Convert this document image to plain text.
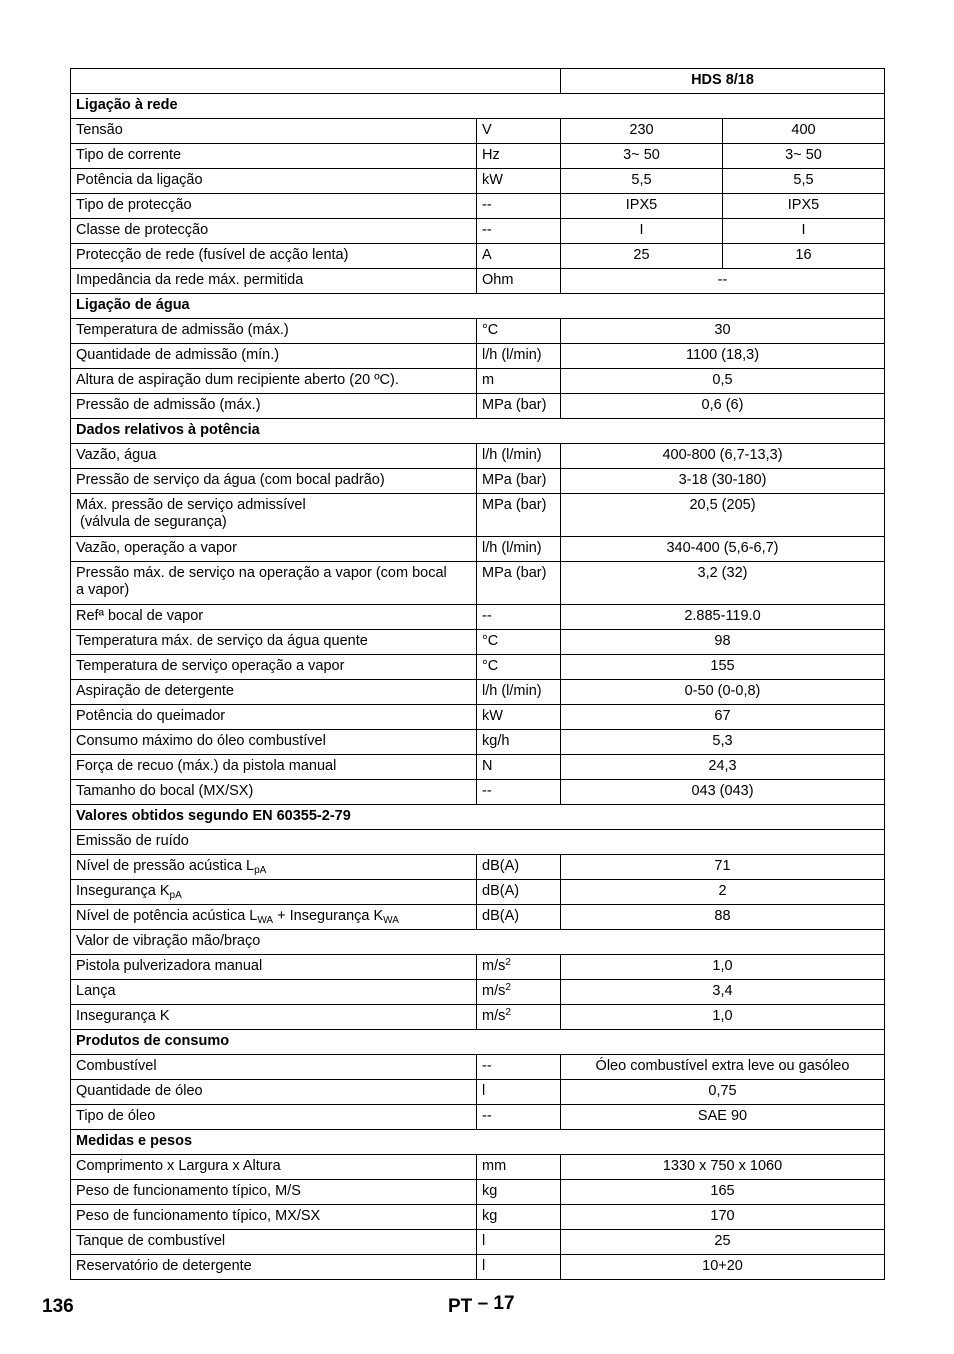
		HDS 8/18	
Ligação à rede			
Tensão	V	230	400
Tipo de corrente	Hz	3~ 50	3~ 50
Potência da ligação	kW	5,5	5,5
Tipo de protecção	--	IPX5	IPX5
Classe de protecção	--	I	I
Protecção de rede (fusível de acção lenta)	A	25	16
Impedância da rede máx. permitida	Ohm	--	
Ligação de água			
Temperatura de admissão (máx.)	°C	30	
Quantidade de admissão (mín.)	l/h (l/min)	1100 (18,3)	
Altura de aspiração dum recipiente aberto (20 ºC).	m	0,5	
Pressão de admissão (máx.)	MPa (bar)	0,6 (6)	
Dados relativos à potência			
Vazão, água	l/h (l/min)	400-800 (6,7-13,3)	
Pressão de serviço da água (com bocal padrão)	MPa (bar)	3-18 (30-180)	
Máx. pressão de serviço admissível
(válvula de segurança)	MPa (bar)	20,5 (205)	
Vazão, operação a vapor	l/h (l/min)	340-400 (5,6-6,7)	
Pressão máx. de serviço na operação a vapor (com bocal
a vapor)	MPa (bar)	3,2 (32)	
Refª bocal de vapor	--	2.885-119.0	
Temperatura máx. de serviço da água quente	°C	98	
Temperatura de serviço operação a vapor	°C	155	
Aspiração de detergente	l/h (l/min)	0-50 (0-0,8)	
Potência do queimador	kW	67	
Consumo máximo do óleo combustível	kg/h	5,3	
Força de recuo (máx.) da pistola manual	N	24,3	
Tamanho do bocal (MX/SX)	--	043 (043)	
Valores obtidos segundo EN 60355-2-79			
Emissão de ruído			
Nível de pressão acústica $L_{pA}$	dB(A)	71	
Insegurança $K_{pA}$	dB(A)	2	
Nível de potência acústica $L_{WA}$ + Insegurança $K_{WA}$	dB(A)	88	
Valor de vibração mão/braço			
Pistola pulverizadora manual	$m/s^2$	1,0	
Lança	$m/s^2$	3,4	
Insegurança K	$m/s^2$	1,0	
Produtos de consumo			
Combustível	--	Óleo combustível extra leve ou gasóleo	
Quantidade de óleo	l	0,75	
Tipo de óleo	--	SAE 90	
Medidas e pesos			
Comprimento x Largura x Altura	mm	1330 x 750 x 1060	
Peso de funcionamento típico, M/S	kg	165	
Peso de funcionamento típico, MX/SX	kg	170	
Tanque de combustível	l	25	
Reservatório de detergente	l	10+20	
136	PT – 17
